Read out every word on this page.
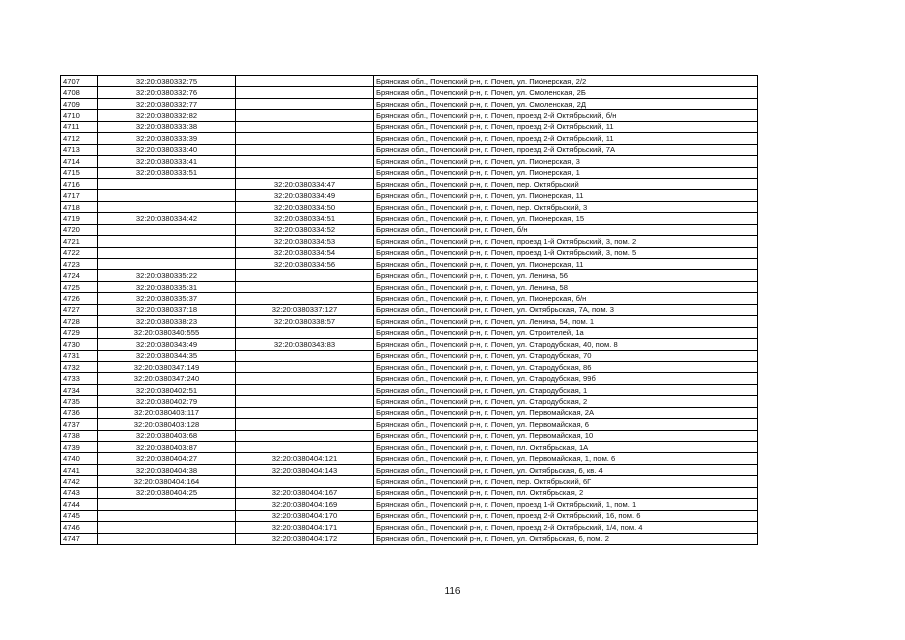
4707	32:20:0380332:75		Брянская обл., Почепский р-н, г. Почеп, ул. Пионерская, 2/2
4708	32:20:0380332:76		Брянская обл., Почепский р-н, г. Почеп, ул. Смоленская, 2Б
4709	32:20:0380332:77		Брянская обл., Почепский р-н, г. Почеп, ул. Смоленская, 2Д
4710	32:20:0380332:82		Брянская обл., Почепский р-н, г. Почеп, проезд 2-й Октябрьский, б/н
4711	32:20:0380333:38		Брянская обл., Почепский р-н, г. Почеп, проезд 2-й Октябрьский, 11
4712	32:20:0380333:39		Брянская обл., Почепский р-н, г. Почеп, проезд 2-й Октябрьский, 11
4713	32:20:0380333:40		Брянская обл., Почепский р-н, г. Почеп, проезд 2-й Октябрьский, 7А
4714	32:20:0380333:41		Брянская обл., Почепский р-н, г. Почеп, ул. Пионерская, 3
4715	32:20:0380333:51		Брянская обл., Почепский р-н, г. Почеп, ул. Пионерская, 1
4716		32:20:0380334:47	Брянская обл., Почепский р-н, г. Почеп, пер. Октябрьский
4717		32:20:0380334:49	Брянская обл., Почепский р-н, г. Почеп, ул. Пионерская, 11
4718		32:20:0380334:50	Брянская обл., Почепский р-н, г. Почеп, пер. Октябрьский, 3
4719	32:20:0380334:42	32:20:0380334:51	Брянская обл., Почепский р-н, г. Почеп, ул. Пионерская, 15
4720		32:20:0380334:52	Брянская обл., Почепский р-н, г. Почеп, б/н
4721		32:20:0380334:53	Брянская обл., Почепский р-н, г. Почеп, проезд 1-й Октябрьский, 3, пом. 2
4722		32:20:0380334:54	Брянская обл., Почепский р-н, г. Почеп, проезд 1-й Октябрьский, 3, пом. 5
4723		32:20:0380334:56	Брянская обл., Почепский р-н, г. Почеп, ул. Пионерская, 11
4724	32:20:0380335:22		Брянская обл., Почепский р-н, г. Почеп, ул. Ленина, 56
4725	32:20:0380335:31		Брянская обл., Почепский р-н, г. Почеп, ул. Ленина, 58
4726	32:20:0380335:37		Брянская обл., Почепский р-н, г. Почеп, ул. Пионерская, б/н
4727	32:20:0380337:18	32:20:0380337:127	Брянская обл., Почепский р-н, г. Почеп, ул. Октябрьская, 7А, пом. 3
4728	32:20:0380338:23	32:20:0380338:57	Брянская обл., Почепский р-н, г. Почеп, ул. Ленина, 54, пом. 1
4729	32:20:0380340:555		Брянская обл., Почепский р-н, г. Почеп, ул. Строителей, 1а
4730	32:20:0380343:49	32:20:0380343:83	Брянская обл., Почепский р-н, г. Почеп, ул. Стародубская, 40, пом. 8
4731	32:20:0380344:35		Брянская обл., Почепский р-н, г. Почеп, ул. Стародубская, 70
4732	32:20:0380347:149		Брянская обл., Почепский р-н, г. Почеп, ул. Стародубская, 86
4733	32:20:0380347:240		Брянская обл., Почепский р-н, г. Почеп, ул. Стародубская, 99б
4734	32:20:0380402:51		Брянская обл., Почепский р-н, г. Почеп, ул. Стародубская, 1
4735	32:20:0380402:79		Брянская обл., Почепский р-н, г. Почеп, ул. Стародубская, 2
4736	32:20:0380403:117		Брянская обл., Почепский р-н, г. Почеп, ул. Первомайская, 2А
4737	32:20:0380403:128		Брянская обл., Почепский р-н, г. Почеп, ул. Первомайская, 6
4738	32:20:0380403:68		Брянская обл., Почепский р-н, г. Почеп, ул. Первомайская, 10
4739	32:20:0380403:87		Брянская обл., Почепский р-н, г. Почеп, пл. Октябрьская, 1А
4740	32:20:0380404:27	32:20:0380404:121	Брянская обл., Почепский р-н, г. Почеп, ул. Первомайская, 1, пом. 6
4741	32:20:0380404:38	32:20:0380404:143	Брянская обл., Почепский р-н, г. Почеп, ул. Октябрьская, 6, кв. 4
4742	32:20:0380404:164		Брянская обл., Почепский р-н, г. Почеп, пер. Октябрьский, 6Г
4743	32:20:0380404:25	32:20:0380404:167	Брянская обл., Почепский р-н, г. Почеп, пл. Октябрьская, 2
4744		32:20:0380404:169	Брянская обл., Почепский р-н, г. Почеп, проезд 1-й Октябрьский, 1, пом. 1
4745		32:20:0380404:170	Брянская обл., Почепский р-н, г. Почеп, проезд 2-й Октябрьский, 16, пом. 6
4746		32:20:0380404:171	Брянская обл., Почепский р-н, г. Почеп, проезд 2-й Октябрьский, 1/4, пом. 4
4747		32:20:0380404:172	Брянская обл., Почепский р-н, г. Почеп, ул. Октябрьская, 6, пом. 2
116
